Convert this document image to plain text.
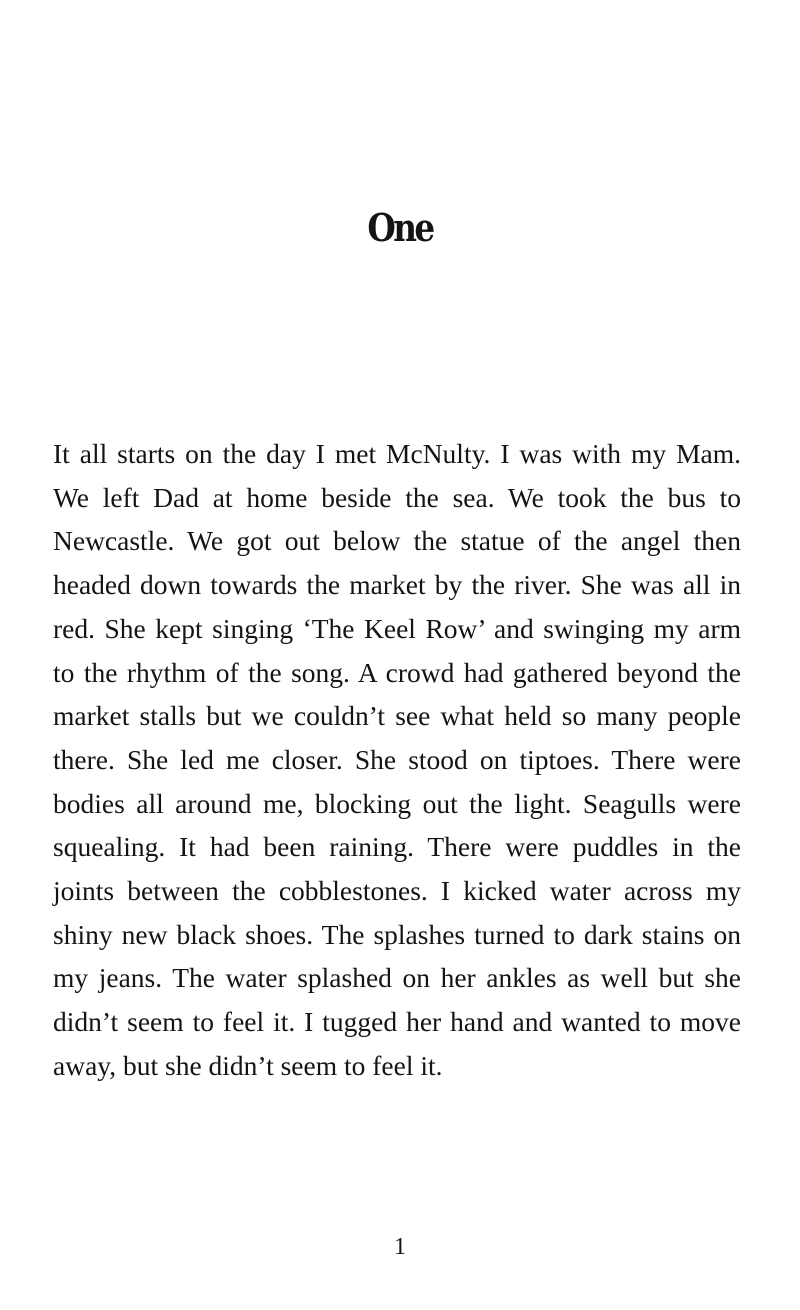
One

It all starts on the day I met McNulty. I was with my Mam. We left Dad at home beside the sea. We took the bus to Newcastle. We got out below the statue of the angel then headed down towards the market by the river. She was all in red. She kept singing ‘The Keel Row’ and swinging my arm to the rhythm of the song. A crowd had gathered beyond the market stalls but we couldn’t see what held so many people there. She led me closer. She stood on tiptoes. There were bodies all around me, blocking out the light. Seagulls were squealing. It had been raining. There were puddles in the joints between the cobblestones. I kicked water across my shiny new black shoes. The splashes turned to dark stains on my jeans. The water splashed on her ankles as well but she didn’t seem to feel it. I tugged her hand and wanted to move away, but she didn’t seem to feel it.

1
